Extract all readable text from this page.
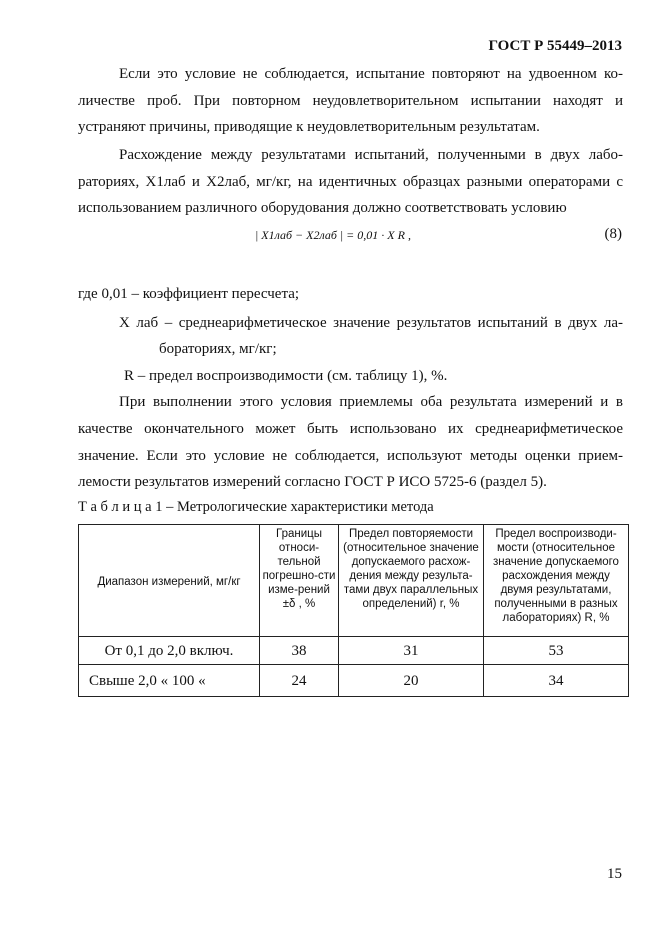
ГОСТ Р 55449–2013
Если это условие не соблюдается, испытание повторяют на удвоенном ко-
личестве проб. При повторном неудовлетворительном испытании находят и
устраняют причины, приводящие к неудовлетворительным результатам.
Расхождение между результатами испытаний, полученными в двух лабо-
раториях, X1лаб и X2лаб, мг/кг, на идентичных образцах разными операторами с
использованием различного оборудования должно соответствовать условию
| X1лаб − X2лаб | = 0,01 · X R ,	(8)
где 0,01 – коэффициент пересчета;
X лаб – среднеарифметическое значение результатов испытаний в двух ла-
бораториях, мг/кг;
R – предел воспроизводимости (см. таблицу 1), %.
При выполнении этого условия приемлемы оба результата измерений и в
качестве окончательного может быть использовано их среднеарифметическое
значение. Если это условие не соблюдается, используют методы оценки прием-
лемости результатов измерений согласно ГОСТ Р ИСО 5725-6 (раздел 5).
Т а б л и ц а 1 – Метрологические характеристики метода
Диапазон измерений, мг/кг	Границы относи-тельной погрешно-сти изме-рений ±δ , %	Предел повторяемости (относительное значение допускаемого расхож-дения между результа-тами двух параллельных определений) r, %	Предел воспроизводи-мости (относительное значение допускаемого расхождения между двумя результатами, полученными в разных лабораториях) R, %
От 0,1 до 2,0 включ.	38	31	53
Свыше 2,0 « 100 «	24	20	34
15
